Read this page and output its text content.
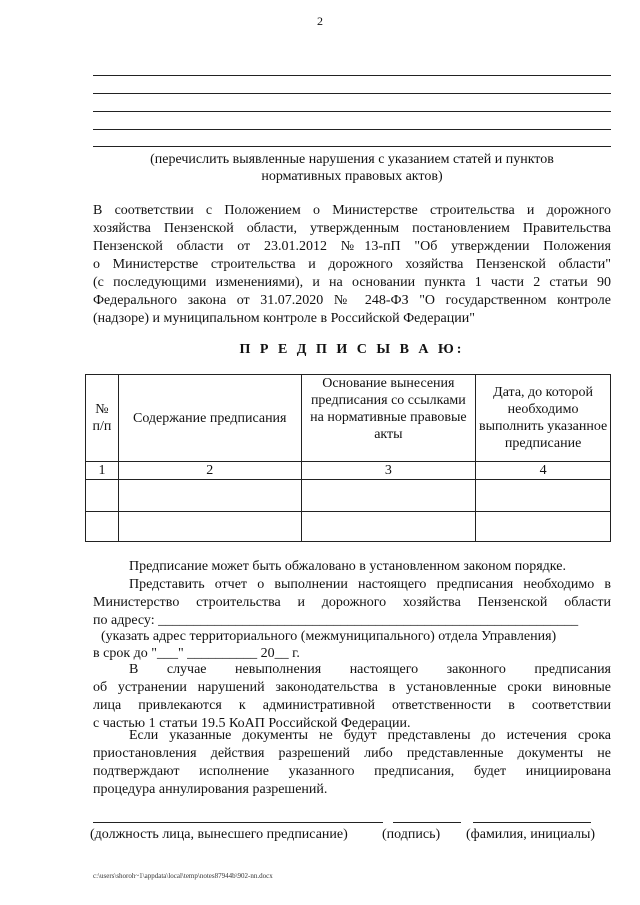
2
(перечислить выявленные нарушения с указанием статей и пунктов
нормативных правовых актов)
В соответствии с Положением о Министерстве строительства и дорожного
хозяйства Пензенской области, утвержденным постановлением Правительства
Пензенской области от 23.01.2012 №13-пП "Об утверждении Положения
о Министерстве строительства и дорожного хозяйства Пензенской области"
(с последующими изменениями), и на основании пункта 1 части 2 статьи 90
Федерального закона от 31.07.2020 № 248-ФЗ "О государственном контроле
(надзоре) и муниципальном контроле в Российской Федерации"
П Р Е Д П И С Ы В А Ю:
№ п/п	Содержание предписания	Основание вынесения предписания со ссылками на нормативные правовые акты	Дата, до которой необходимо выполнить указанное предписание
1	2	3	4

Предписание может быть обжаловано в установленном законом порядке.
Представить отчет о выполнении настоящего предписания необходимо в
Министерство строительства и дорожного хозяйства Пензенской области
по адресу: ____________________________________________________________
(указать адрес территориального (межмуниципального) отдела Управления)
в срок до "___" __________ 20__ г.
В случае невыполнения настоящего законного предписания
об устранении нарушений законодательства в установленные сроки виновные
лица привлекаются к административной ответственности в соответствии
с частью 1 статьи 19.5 КоАП Российской Федерации.
Если указанные документы не будут представлены до истечения срока
приостановления действия разрешений либо представленные документы не
подтверждают исполнение указанного предписания, будет инициирована
процедура аннулирования разрешений.
(должность лица, вынесшего предписание)	(подпись)	(фамилия, инициалы)
c:\users\shoroh~1\appdata\local\temp\notes87944b\902-nn.docx
